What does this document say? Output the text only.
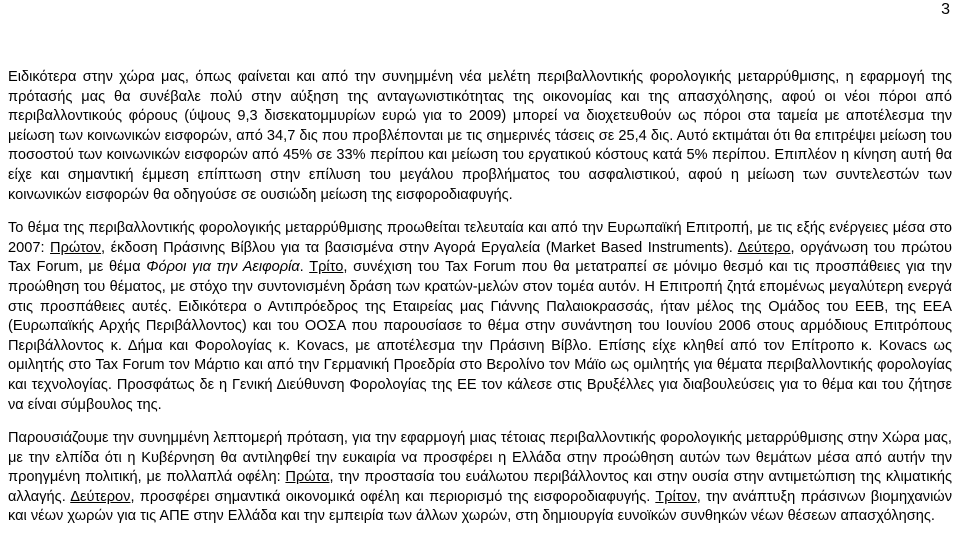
3

Ειδικότερα στην χώρα μας, όπως φαίνεται και από την συνημμένη νέα μελέτη περιβαλλοντικής φορολογικής μεταρρύθμισης, η εφαρμογή της πρότασής μας θα συνέβαλε πολύ στην αύξηση της ανταγωνιστικότητας της οικονομίας και της απασχόλησης, αφού οι νέοι πόροι από περιβαλλοντικούς φόρους (ύψους 9,3 δισεκατομμυρίων ευρώ για το 2009) μπορεί να διοχετευθούν ως πόροι στα ταμεία με αποτέλεσμα την μείωση των κοινωνικών εισφορών, από 34,7 δις που προβλέπονται με τις σημερινές τάσεις σε 25,4 δις. Αυτό εκτιμάται ότι θα επιτρέψει μείωση του ποσοστού των κοινωνικών εισφορών από 45% σε 33% περίπου και μείωση του εργατικού κόστους κατά 5% περίπου. Επιπλέον η κίνηση αυτή θα είχε και σημαντική έμμεση επίπτωση στην επίλυση του μεγάλου προβλήματος του ασφαλιστικού, αφού η μείωση των συντελεστών των κοινωνικών εισφορών θα οδηγούσε σε ουσιώδη μείωση της εισφοροδιαφυγής.

Το θέμα της περιβαλλοντικής φορολογικής μεταρρύθμισης προωθείται τελευταία και από την Ευρωπαϊκή Επιτροπή, με τις εξής ενέργειες μέσα στο 2007: Πρώτον, έκδοση Πράσινης Βίβλου για τα βασισμένα στην Αγορά Εργαλεία (Market Based Instruments). Δεύτερο, οργάνωση του πρώτου Tax Forum, με θέμα Φόροι για την Αειφορία. Τρίτο, συνέχιση του Tax Forum που θα μετατραπεί σε μόνιμο θεσμό και τις προσπάθειες για την προώθηση του θέματος, με στόχο την συντονισμένη δράση των κρατών-μελών στον τομέα αυτόν. Η Επιτροπή ζητά επομένως μεγαλύτερη ενεργά στις προσπάθειες αυτές. Ειδικότερα ο Αντιπρόεδρος της Εταιρείας μας Γιάννης Παλαιοκρασσάς, ήταν μέλος της Ομάδος του ΕΕΒ, της ΕΕΑ (Ευρωπαϊκής Αρχής Περιβάλλοντος) και του ΟΟΣΑ που παρουσίασε το θέμα στην συνάντηση του Ιουνίου 2006 στους αρμόδιους Επιτρόπους Περιβάλλοντος κ. Δήμα και Φορολογίας κ. Kovacs, με αποτέλεσμα την Πράσινη Βίβλο. Επίσης είχε κληθεί από τον Επίτροπο κ. Kovacs ως ομιλητής στο Tax Forum τον Μάρτιο και από την Γερμανική Προεδρία στο Βερολίνο τον Μάϊο ως ομιλητής για θέματα περιβαλλοντικής φορολογίας και τεχνολογίας. Προσφάτως δε η Γενική Διεύθυνση Φορολογίας της ΕΕ τον κάλεσε στις Βρυξέλλες για διαβουλεύσεις για το θέμα και του ζήτησε να είναι σύμβουλος της.

Παρουσιάζουμε την συνημμένη λεπτομερή πρόταση, για την εφαρμογή μιας τέτοιας περιβαλλοντικής φορολογικής μεταρρύθμισης στην Χώρα μας, με την ελπίδα ότι η Κυβέρνηση θα αντιληφθεί την ευκαιρία να προσφέρει η Ελλάδα στην προώθηση αυτών των θεμάτων μέσα από αυτήν την προηγμένη πολιτική, με πολλαπλά οφέλη: Πρώτα, την προστασία του ευάλωτου περιβάλλοντος και στην ουσία στην αντιμετώπιση της κλιματικής αλλαγής. Δεύτερον, προσφέρει σημαντικά οικονομικά οφέλη και περιορισμό της εισφοροδιαφυγής. Τρίτον, την ανάπτυξη πράσινων βιομηχανιών και νέων χωρών για τις ΑΠΕ στην Ελλάδα και την εμπειρία των άλλων χωρών, στη δημιουργία ευνοϊκών συνθηκών νέων θέσεων απασχόλησης.
